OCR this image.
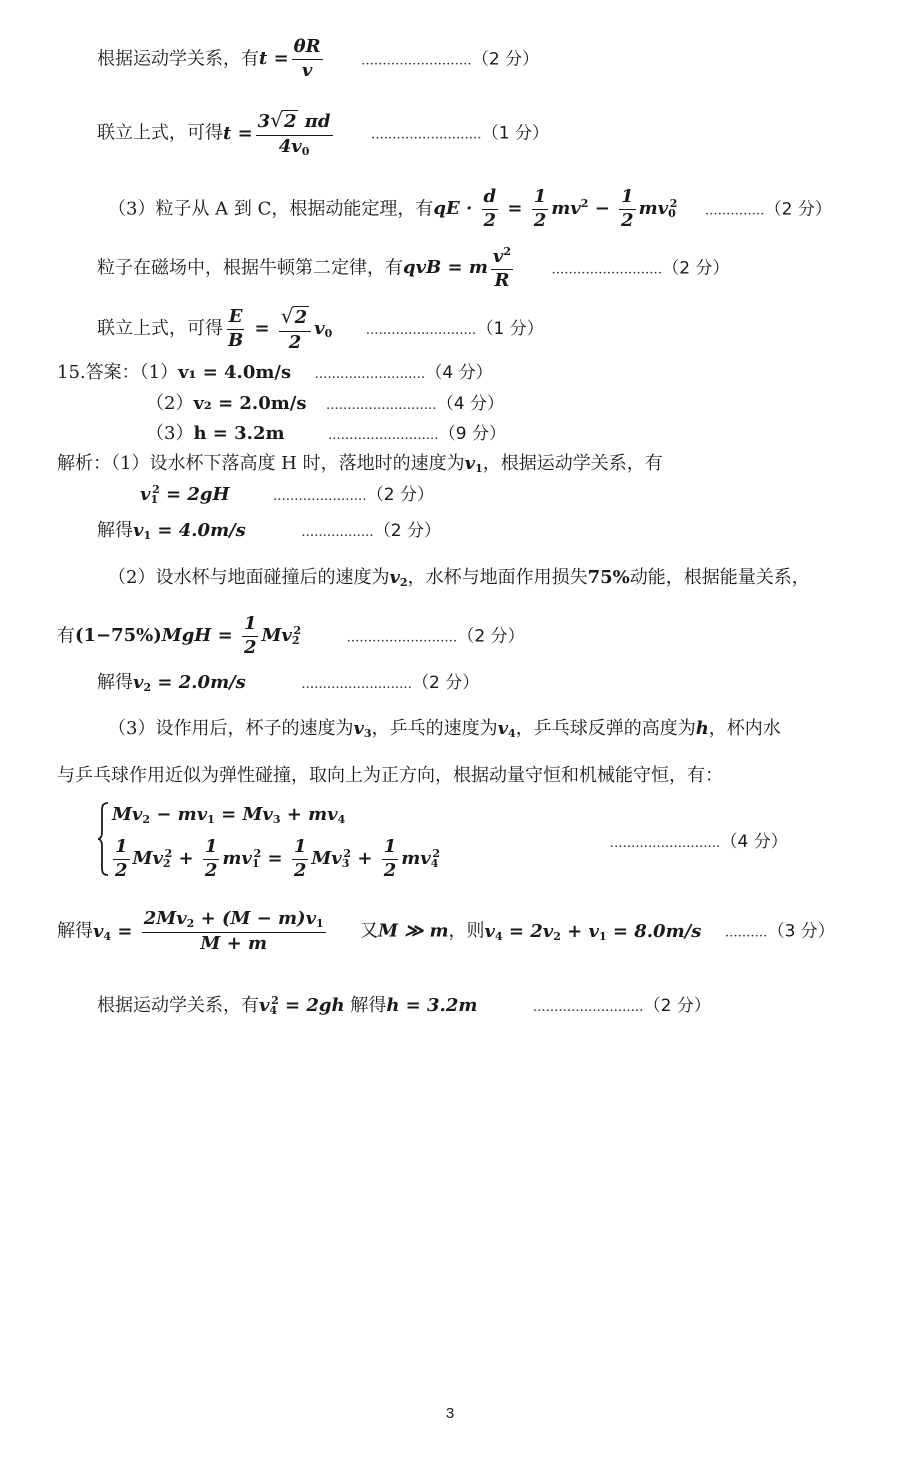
根据运动学关系，有$t = \frac{\theta R}{v}$	..........................（2 分）
联立上式，可得$t = \frac{3 √ 2 \pi d}{4v_0}$	..........................（1 分）
（3）粒子从 A 到 C，根据动能定理，有qE · $\frac{d}{2} = \frac{1}{2} mv^2 - \frac{1}{2} mv_0^2$ ..............（2 分）
粒子在磁场中，根据牛顿第二定律，有qvB = m $\frac{v^2}{R}$	..........................（2 分）
联立上式，可得 $\frac{E}{B} = \frac{√ 2}{2} v_0$ ..........................（1 分）
15.答案：（1）v₁ = 4.0m/s ..........................（4 分）
（2）v₂ = 2.0m/s ..........................（4 分）
（3）h = 3.2m	..........................（9 分）
解析：（1）设水杯下落高度 H 时，落地时的速度为$v_1$，根据运动学关系，有
$v_1^2 = 2gH$	......................（2 分）
解得$v_1 = 4.0m/s$	.................（2 分）
（2）设水杯与地面碰撞后的速度为$v_2$，水杯与地面作用损失75%动能，根据能量关系，
有$(1-75\%)MgH = \frac{1}{2} Mv_2^2$	..........................（2 分）
解得$v_2 = 2.0m/s$	..........................（2 分）
（3）设作用后，杯子的速度为$v_3$，乒乓的速度为$v_4$，乒乓球反弹的高度为h，杯内水
与乒乓球作用近似为弹性碰撞，取向上为正方向，根据动量守恒和机械能守恒，有：
$Mv_2 - mv_1 = Mv_3 + mv_4$
$\frac{1}{2} Mv_2^2 + \frac{1}{2} mv_1^2 = \frac{1}{2} Mv_3^2 + \frac{1}{2} mv_4^2$
..........................（4 分）
解得$v_4 = \frac{2Mv_2 + (M - m)v_1}{M + m}$ 又M ≫ m，则$v_4 = 2v_2 + v_1 = 8.0m/s$ ..........（3 分）
根据运动学关系，有$v_4^2 = 2gh$ 解得h = 3.2m	..........................（2 分）
3
